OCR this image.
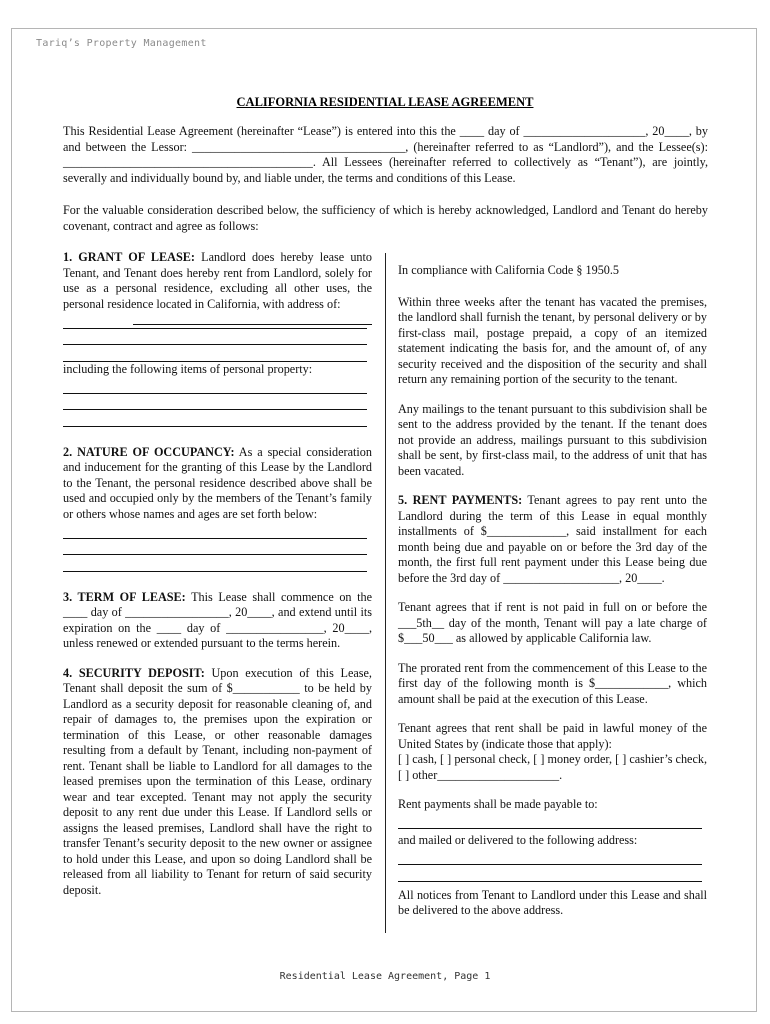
Tariq’s Property Management
CALIFORNIA RESIDENTIAL LEASE AGREEMENT

This Residential Lease Agreement (hereinafter “Lease”) is entered into this the ____ day of ____________________, 20____, by and between the Lessor: ___________________________________, (hereinafter referred to as “Landlord”), and the Lessee(s): _________________________________________. All Lessees (hereinafter referred to collectively as “Tenant”), are jointly, severally and individually bound by, and liable under, the terms and conditions of this Lease.

For the valuable consideration described below, the sufficiency of which is hereby acknowledged, Landlord and Tenant do hereby covenant, contract and agree as follows:

1. GRANT OF LEASE: Landlord does hereby lease unto Tenant, and Tenant does hereby rent from Landlord, solely for use as a personal residence, excluding all other uses, the personal residence located in California, with address of:

including the following items of personal property:

2. NATURE OF OCCUPANCY: As a special consideration and inducement for the granting of this Lease by the Landlord to the Tenant, the personal residence described above shall be used and occupied only by the members of the Tenant’s family or others whose names and ages are set forth below:

3. TERM OF LEASE: This Lease shall commence on the ____ day of _________________, 20____, and extend until its expiration on the ____ day of ________________, 20____, unless renewed or extended pursuant to the terms herein.

4. SECURITY DEPOSIT: Upon execution of this Lease, Tenant shall deposit the sum of $___________ to be held by Landlord as a security deposit for reasonable cleaning of, and repair of damages to, the premises upon the expiration or termination of this Lease, or other reasonable damages resulting from a default by Tenant, including non-payment of rent. Tenant shall be liable to Landlord for all damages to the leased premises upon the termination of this Lease, ordinary wear and tear excepted. Tenant may not apply the security deposit to any rent due under this Lease. If Landlord sells or assigns the leased premises, Landlord shall have the right to transfer Tenant’s security deposit to the new owner or assignee to hold under this Lease, and upon so doing Landlord shall be released from all liability to Tenant for return of said security deposit.

In compliance with California Code § 1950.5

Within three weeks after the tenant has vacated the premises, the landlord shall furnish the tenant, by personal delivery or by first-class mail, postage prepaid, a copy of an itemized statement indicating the basis for, and the amount of, of any security received and the disposition of the security and shall return any remaining portion of the security to the tenant.

Any mailings to the tenant pursuant to this subdivision shall be sent to the address provided by the tenant. If the tenant does not provide an address, mailings pursuant to this subdivision shall be sent, by first-class mail, to the address of unit that has been vacated.

5. RENT PAYMENTS: Tenant agrees to pay rent unto the Landlord during the term of this Lease in equal monthly installments of $_____________, said installment for each month being due and payable on or before the 3rd day of the month, the first full rent payment under this Lease being due before the 3rd day of ___________________, 20____.

Tenant agrees that if rent is not paid in full on or before the ___5th__ day of the month, Tenant will pay a late charge of $___50___ as allowed by applicable California law.

The prorated rent from the commencement of this Lease to the first day of the following month is $____________, which amount shall be paid at the execution of this Lease.

Tenant agrees that rent shall be paid in lawful money of the United States by (indicate those that apply):

[ ] cash, [ ] personal check, [ ] money order, [ ] cashier’s check, [ ] other____________________.

Rent payments shall be made payable to:

and mailed or delivered to the following address:

All notices from Tenant to Landlord under this Lease and shall be delivered to the above address.

Residential Lease Agreement, Page 1
